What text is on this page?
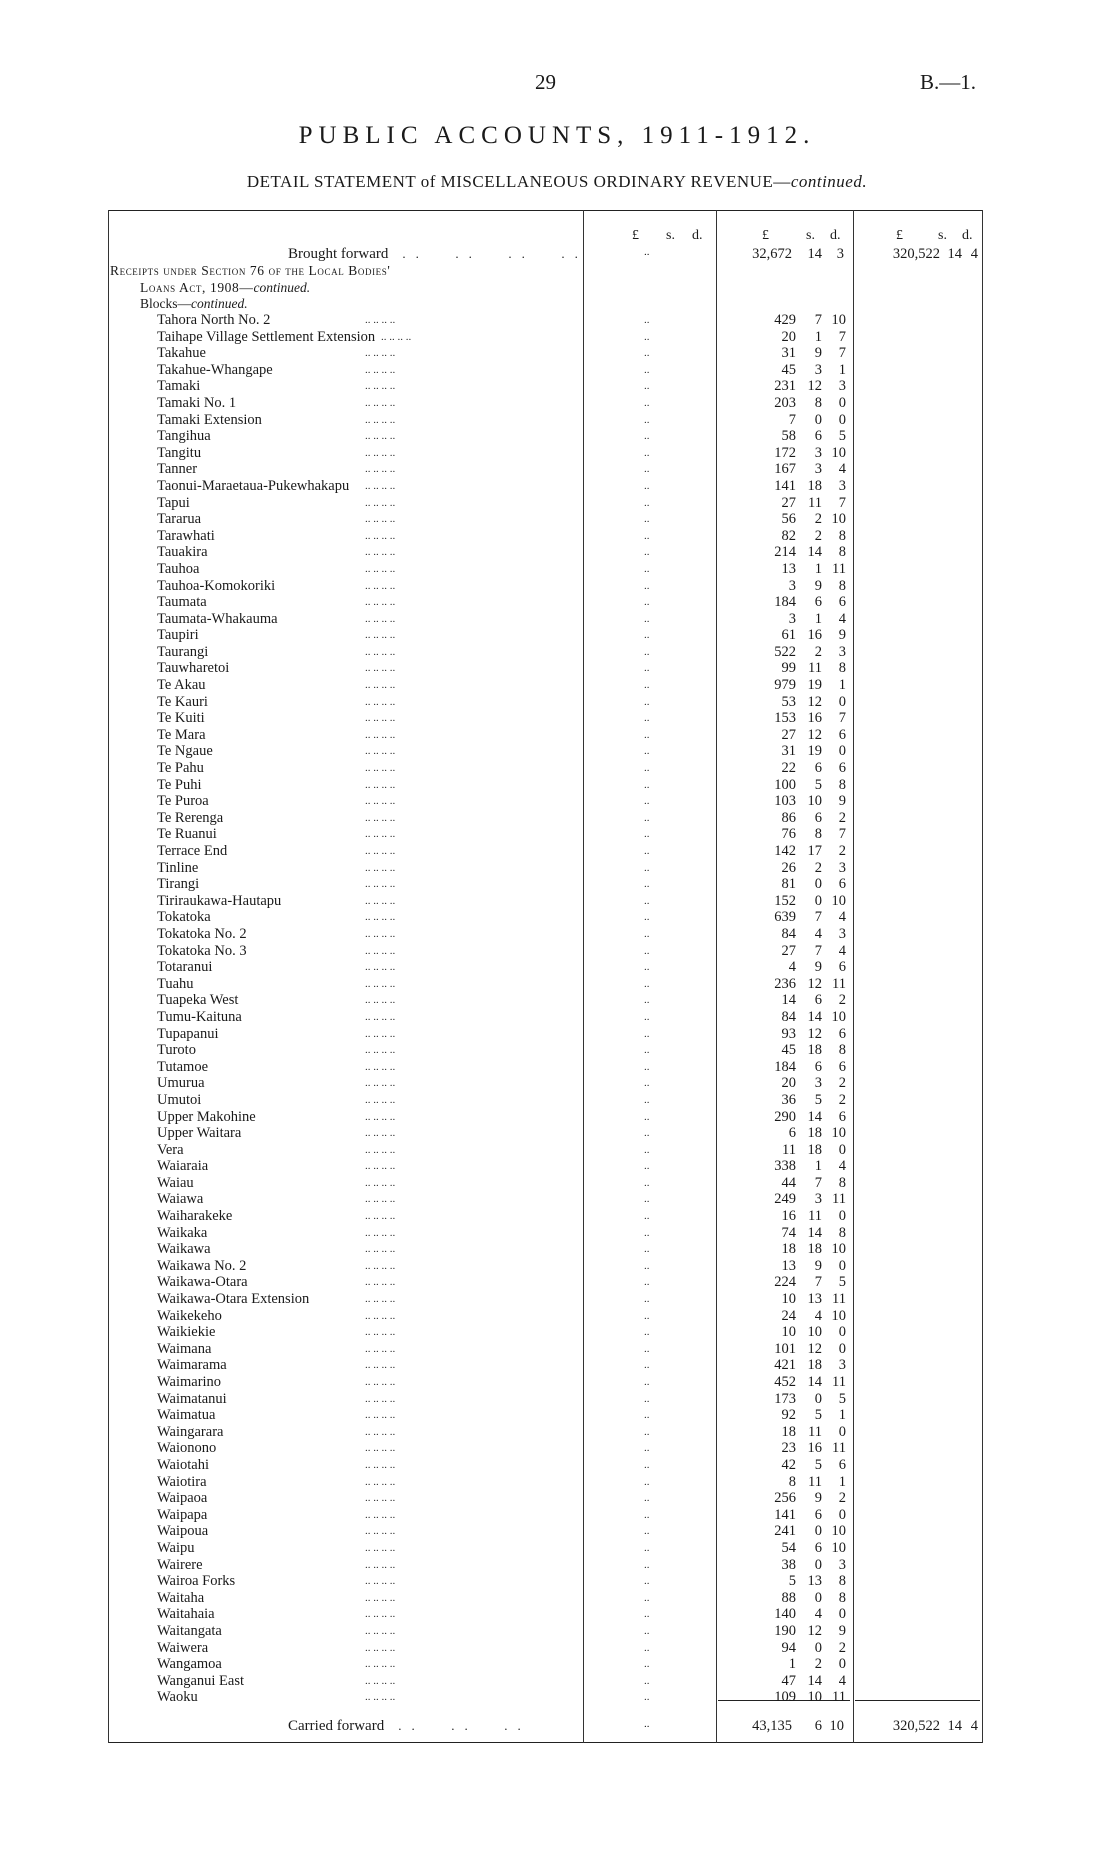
29	B.—1.
PUBLIC ACCOUNTS, 1911-1912.
DETAIL STATEMENT of MISCELLANEOUS ORDINARY REVENUE—continued.
£ s. d.	£	s. d.	£	s. d.
Brought forward ..  ..  ..  ..	..	32,672 14 3	320,522 14 4
Receipts under Section 76 of the Local Bodies'
Loans Act, 1908—continued.
Blocks—continued.
Tahora North No. 2	.. .. .. ..	..	429	7 10
Taihape Village Settlement Extension .. .. .. ..	..	20	1	7
Takahue	.. .. .. ..	..	31	9	7
Takahue-Whangape	.. .. .. ..	..	45	3	1
Tamaki	.. .. .. ..	..	231 12	3
Tamaki No. 1	.. .. .. ..	..	203	8	0
Tamaki Extension	.. .. .. ..	..	7	0	0
Tangihua	.. .. .. ..	..	58	6	5
Tangitu	.. .. .. ..	..	172	3 10
Tanner	.. .. .. ..	..	167	3	4
Taonui-Maraetaua-Pukewhakapu .. .. .. ..	..	141 18	3
Tapui	.. .. .. ..	..	27 11	7
Tararua	.. .. .. ..	..	56	2 10
Tarawhati	.. .. .. ..	..	82	2	8
Tauakira	.. .. .. ..	..	214 14	8
Tauhoa	.. .. .. ..	..	13	1 11
Tauhoa-Komokoriki	.. .. .. ..	..	3	9	8
Taumata	.. .. .. ..	..	184	6	6
Taumata-Whakauma	.. .. .. ..	..	3	1	4
Taupiri	.. .. .. ..	..	61 16	9
Taurangi	.. .. .. ..	..	522	2	3
Tauwharetoi	.. .. .. ..	..	99 11	8
Te Akau	.. .. .. ..	..	979 19	1
Te Kauri	.. .. .. ..	..	53 12	0
Te Kuiti	.. .. .. ..	..	153 16	7
Te Mara	.. .. .. ..	..	27 12	6
Te Ngaue	.. .. .. ..	..	31 19	0
Te Pahu	.. .. .. ..	..	22	6	6
Te Puhi	.. .. .. ..	..	100	5	8
Te Puroa	.. .. .. ..	..	103 10	9
Te Rerenga	.. .. .. ..	..	86	6	2
Te Ruanui	.. .. .. ..	..	76	8	7
Terrace End	.. .. .. ..	..	142 17	2
Tinline	.. .. .. ..	..	26	2	3
Tirangi	.. .. .. ..	..	81	0	6
Tiriraukawa-Hautapu	.. .. .. ..	..	152	0 10
Tokatoka	.. .. .. ..	..	639	7	4
Tokatoka No. 2	.. .. .. ..	..	84	4	3
Tokatoka No. 3	.. .. .. ..	..	27	7	4
Totaranui	.. .. .. ..	..	4	9	6
Tuahu	.. .. .. ..	..	236 12 11
Tuapeka West	.. .. .. ..	..	14	6	2
Tumu-Kaituna	.. .. .. ..	..	84 14 10
Tupapanui	.. .. .. ..	..	93 12	6
Turoto	.. .. .. ..	..	45 18	8
Tutamoe	.. .. .. ..	..	184	6	6
Umurua	.. .. .. ..	..	20	3	2
Umutoi	.. .. .. ..	..	36	5	2
Upper Makohine	.. .. .. ..	..	290 14	6
Upper Waitara	.. .. .. ..	..	6 18 10
Vera	.. .. .. ..	..	11 18	0
Waiaraia	.. .. .. ..	..	338	1	4
Waiau	.. .. .. ..	..	44	7	8
Waiawa	.. .. .. ..	..	249	3 11
Waiharakeke	.. .. .. ..	..	16 11	0
Waikaka	.. .. .. ..	..	74 14	8
Waikawa	.. .. .. ..	..	18 18 10
Waikawa No. 2	.. .. .. ..	..	13	9	0
Waikawa-Otara	.. .. .. ..	..	224	7	5
Waikawa-Otara Extension	.. .. .. ..	..	10 13 11
Waikekeho	.. .. .. ..	..	24	4 10
Waikiekie	.. .. .. ..	..	10 10	0
Waimana	.. .. .. ..	..	101 12	0
Waimarama	.. .. .. ..	..	421 18	3
Waimarino	.. .. .. ..	..	452 14 11
Waimatanui	.. .. .. ..	..	173	0	5
Waimatua	.. .. .. ..	..	92	5	1
Waingarara	.. .. .. ..	..	18 11	0
Waionono	.. .. .. ..	..	23 16 11
Waiotahi	.. .. .. ..	..	42	5	6
Waiotira	.. .. .. ..	..	8 11	1
Waipaoa	.. .. .. ..	..	256	9	2
Waipapa	.. .. .. ..	..	141	6	0
Waipoua	.. .. .. ..	..	241	0 10
Waipu	.. .. .. ..	..	54	6 10
Wairere	.. .. .. ..	..	38	0	3
Wairoa Forks	.. .. .. ..	..	5 13	8
Waitaha	.. .. .. ..	..	88	0	8
Waitahaia	.. .. .. ..	..	140	4	0
Waitangata	.. .. .. ..	..	190 12	9
Waiwera	.. .. .. ..	..	94	0	2
Wangamoa	.. .. .. ..	..	1	2	0
Wanganui East	.. .. .. ..	..	47 14	4
Waoku	.. .. .. ..	..	109 10 11
Carried forward ..  ..  ..	..	43,135 6 10	320,522 14 4
